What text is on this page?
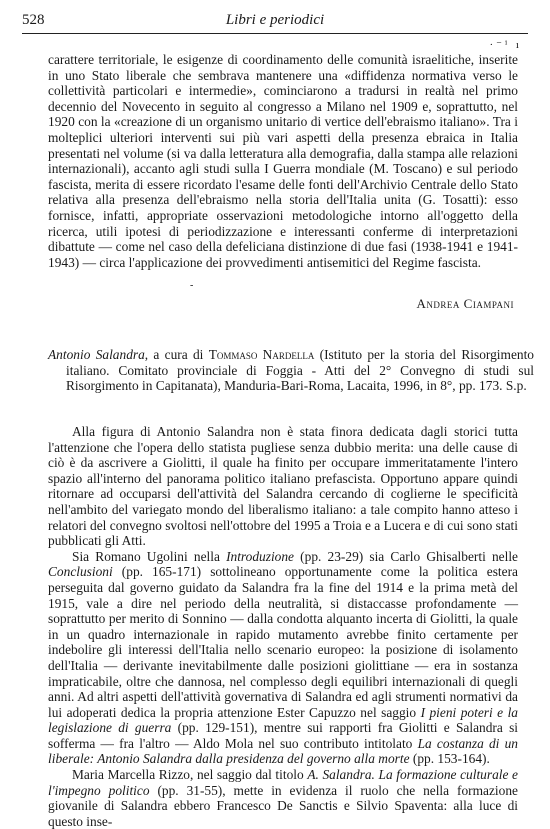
528	Libri e periodici
·⁻ⁱ ı

carattere territoriale, le esigenze di coordinamento delle comunità israelitiche, inserite in uno Stato liberale che sembrava mantenere una «diffidenza normativa verso le collettività particolari e intermedie», cominciarono a tradursi in realtà nel primo decennio del Novecento in seguito al congresso a Milano nel 1909 e, soprattutto, nel 1920 con la «creazione di un organismo unitario di vertice dell'ebraismo italiano». Tra i molteplici ulteriori interventi sui più vari aspetti della presenza ebraica in Italia presentati nel volume (si va dalla letteratura alla demografia, dalla stampa alle relazioni internazionali), accanto agli studi sulla I Guerra mondiale (M. Toscano) e sul periodo fascista, merita di essere ricordato l'esame delle fonti dell'Archivio Centrale dello Stato relativa alla presenza dell'ebraismo nella storia dell'Italia unita (G. Tosatti): esso fornisce, infatti, appropriate osservazioni metodologiche intorno all'oggetto della ricerca, utili ipotesi di periodizzazione e interessanti conferme di interpretazioni dibattute — come nel caso della defeliciana distinzione di due fasi (1938-1941 e 1941-1943) — circa l'applicazione dei provvedimenti antisemitici del Regime fascista.

-
Andrea Ciampani
Antonio Salandra, a cura di Tommaso Nardella (Istituto per la storia del Risorgimento italiano. Comitato provinciale di Foggia - Atti del 2° Convegno di studi sul Risorgimento in Capitanata), Manduria-Bari-Roma, Lacaita, 1996, in 8°, pp. 173. S.p.

Alla figura di Antonio Salandra non è stata finora dedicata dagli storici tutta l'attenzione che l'opera dello statista pugliese senza dubbio merita: una delle cause di ciò è da ascrivere a Giolitti, il quale ha finito per occupare immeritatamente l'intero spazio all'interno del panorama politico italiano prefascista. Opportuno appare quindi ritornare ad occuparsi dell'attività del Salandra cercando di coglierne le specificità nell'ambito del variegato mondo del liberalismo italiano: a tale compito hanno atteso i relatori del convegno svoltosi nell'ottobre del 1995 a Troia e a Lucera e di cui sono stati pubblicati gli Atti.

Sia Romano Ugolini nella Introduzione (pp. 23-29) sia Carlo Ghisalberti nelle Conclusioni (pp. 165-171) sottolineano opportunamente come la politica estera perseguita dal governo guidato da Salandra fra la fine del 1914 e la prima metà del 1915, vale a dire nel periodo della neutralità, si distaccasse profondamente — soprattutto per merito di Sonnino — dalla condotta alquanto incerta di Giolitti, la quale in un quadro internazionale in rapido mutamento avrebbe finito certamente per indebolire gli interessi dell'Italia nello scenario europeo: la posizione di isolamento dell'Italia — derivante inevitabilmente dalle posizioni giolittiane — era in sostanza impraticabile, oltre che dannosa, nel complesso degli equilibri internazionali di quegli anni. Ad altri aspetti dell'attività governativa di Salandra ed agli strumenti normativi da lui adoperati dedica la propria attenzione Ester Capuzzo nel saggio I pieni poteri e la legislazione di guerra (pp. 129-151), mentre sui rapporti fra Giolitti e Salandra si sofferma — fra l'altro — Aldo Mola nel suo contributo intitolato La costanza di un liberale: Antonio Salandra dalla presidenza del governo alla morte (pp. 153-164).

Maria Marcella Rizzo, nel saggio dal titolo A. Salandra. La formazione culturale e l'impegno politico (pp. 31-55), mette in evidenza il ruolo che nella formazione giovanile di Salandra ebbero Francesco De Sanctis e Silvio Spaventa: alla luce di questo inse-
